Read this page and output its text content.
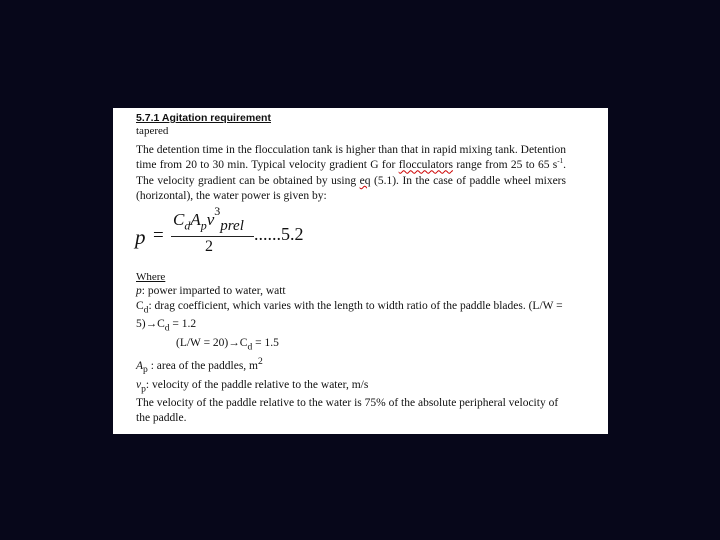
5.7.1 Agitation requirement

tapered

The detention time in the flocculation tank is higher than that in rapid mixing tank. Detention time from 20 to 30 min. Typical velocity gradient G for flocculators range from 25 to 65 $s^{-1}$. The velocity gradient can be obtained by using eq (5.1). In the case of paddle wheel mixers (horizontal), the water power is given by:

p =
$C_dA_pv^3prel$
2
......5.2

Where

p: power imparted to water, watt

$C_d$: drag coefficient, which varies with the length to width ratio of the paddle blades. $(L/W = 5)\to C_d = 1.2$

$(L/W = 20)\to C_d = 1.5$

$A_p$ : area of the paddles, $m^2$

$v_p$: velocity of the paddle relative to the water, m/s

The velocity of the paddle relative to the water is 75% of the absolute peripheral velocity of the paddle.
